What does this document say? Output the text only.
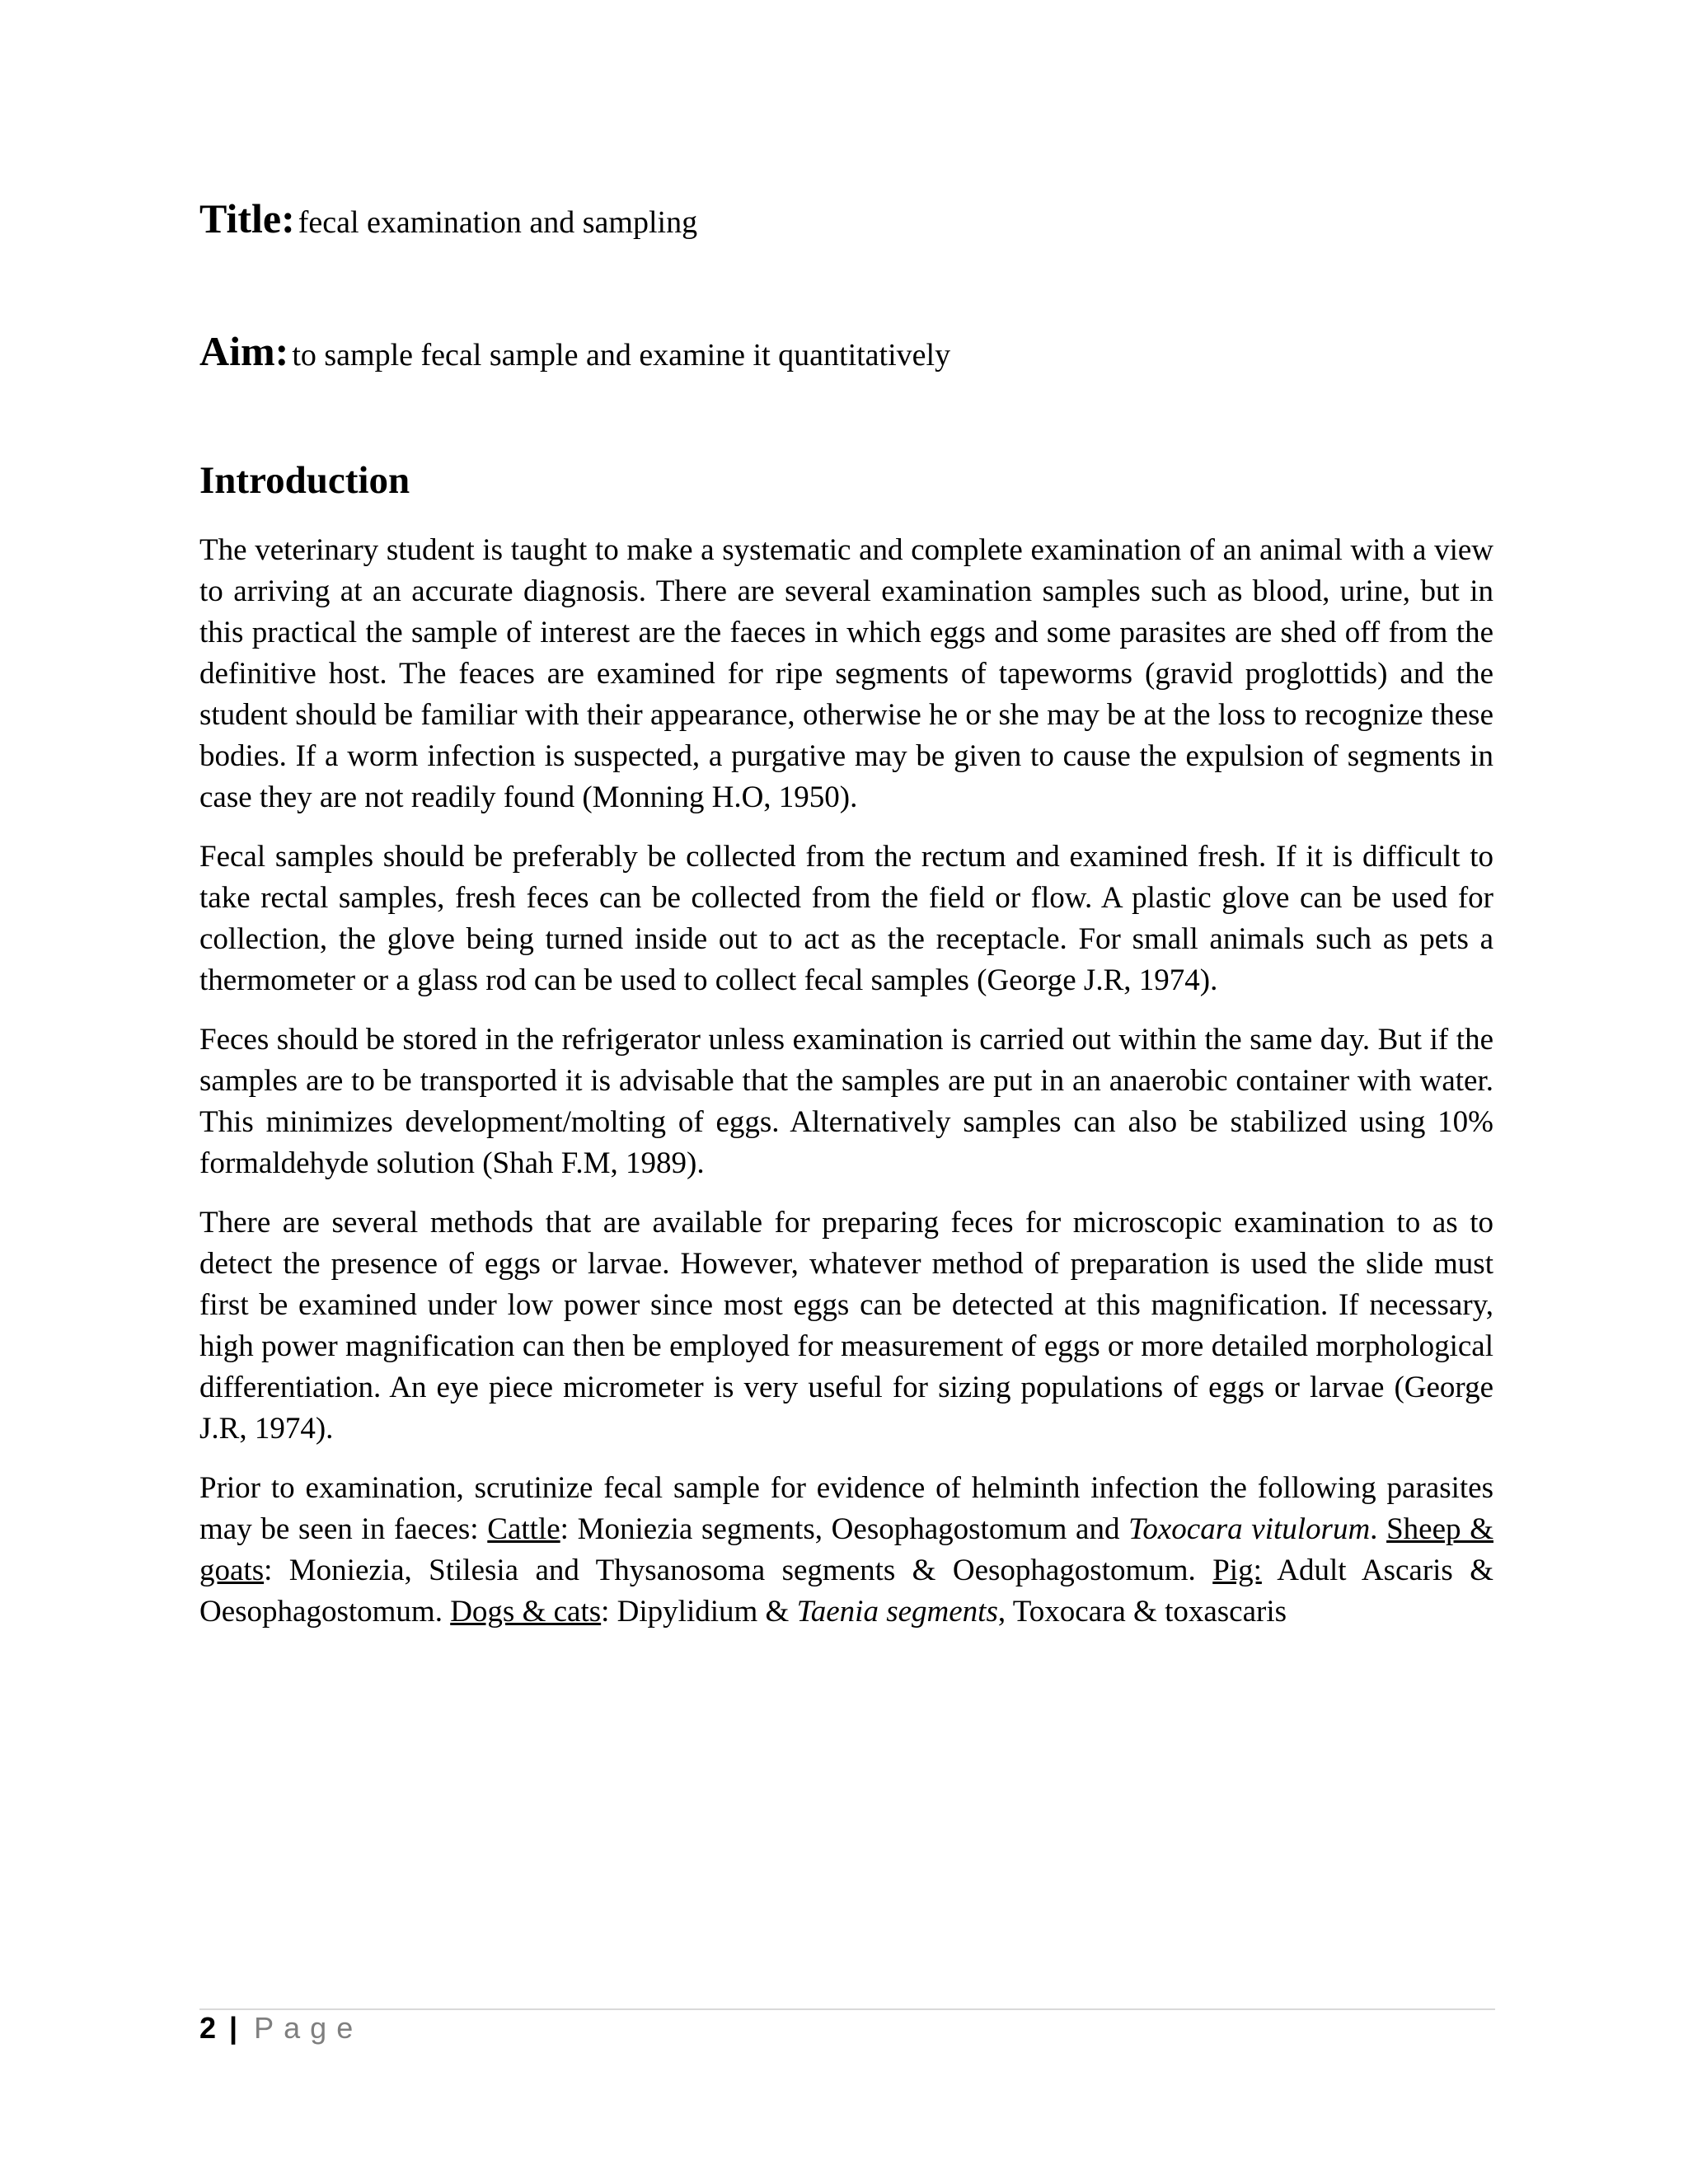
Title: fecal examination and sampling
Aim: to sample fecal sample and examine it quantitatively
Introduction

The veterinary student is taught to make a systematic and complete examination of an animal with a view to arriving at an accurate diagnosis. There are several examination samples such as blood, urine, but in this practical the sample of interest are the faeces in which eggs and some parasites are shed off from the definitive host. The feaces are examined for ripe segments of tapeworms (gravid proglottids) and the student should be familiar with their appearance, otherwise he or she may be at the loss to recognize these bodies. If a worm infection is suspected, a purgative may be given to cause the expulsion of segments in case they are not readily found (Monning H.O, 1950).

Fecal samples should be preferably be collected from the rectum and examined fresh. If it is difficult to take rectal samples, fresh feces can be collected from the field or flow. A plastic glove can be used for collection, the glove being turned inside out to act as the receptacle. For small animals such as pets a thermometer or a glass rod can be used to collect fecal samples (George J.R, 1974).

Feces should be stored in the refrigerator unless examination is carried out within the same day. But if the samples are to be transported it is advisable that the samples are put in an anaerobic container with water. This minimizes development/molting of eggs. Alternatively samples can also be stabilized using 10% formaldehyde solution (Shah F.M, 1989).

There are several methods that are available for preparing feces for microscopic examination to as to detect the presence of eggs or larvae. However, whatever method of preparation is used the slide must first be examined under low power since most eggs can be detected at this magnification. If necessary, high power magnification can then be employed for measurement of eggs or more detailed morphological differentiation. An eye piece micrometer is very useful for sizing populations of eggs or larvae (George J.R, 1974).

Prior to examination, scrutinize fecal sample for evidence of helminth infection the following parasites may be seen in faeces: Cattle: Moniezia segments, Oesophagostomum and Toxocara vitulorum. Sheep & goats: Moniezia, Stilesia and Thysanosoma segments & Oesophagostomum. Pig: Adult Ascaris & Oesophagostomum. Dogs & cats: Dipylidium & Taenia segments, Toxocara & toxascaris

2 | Page
